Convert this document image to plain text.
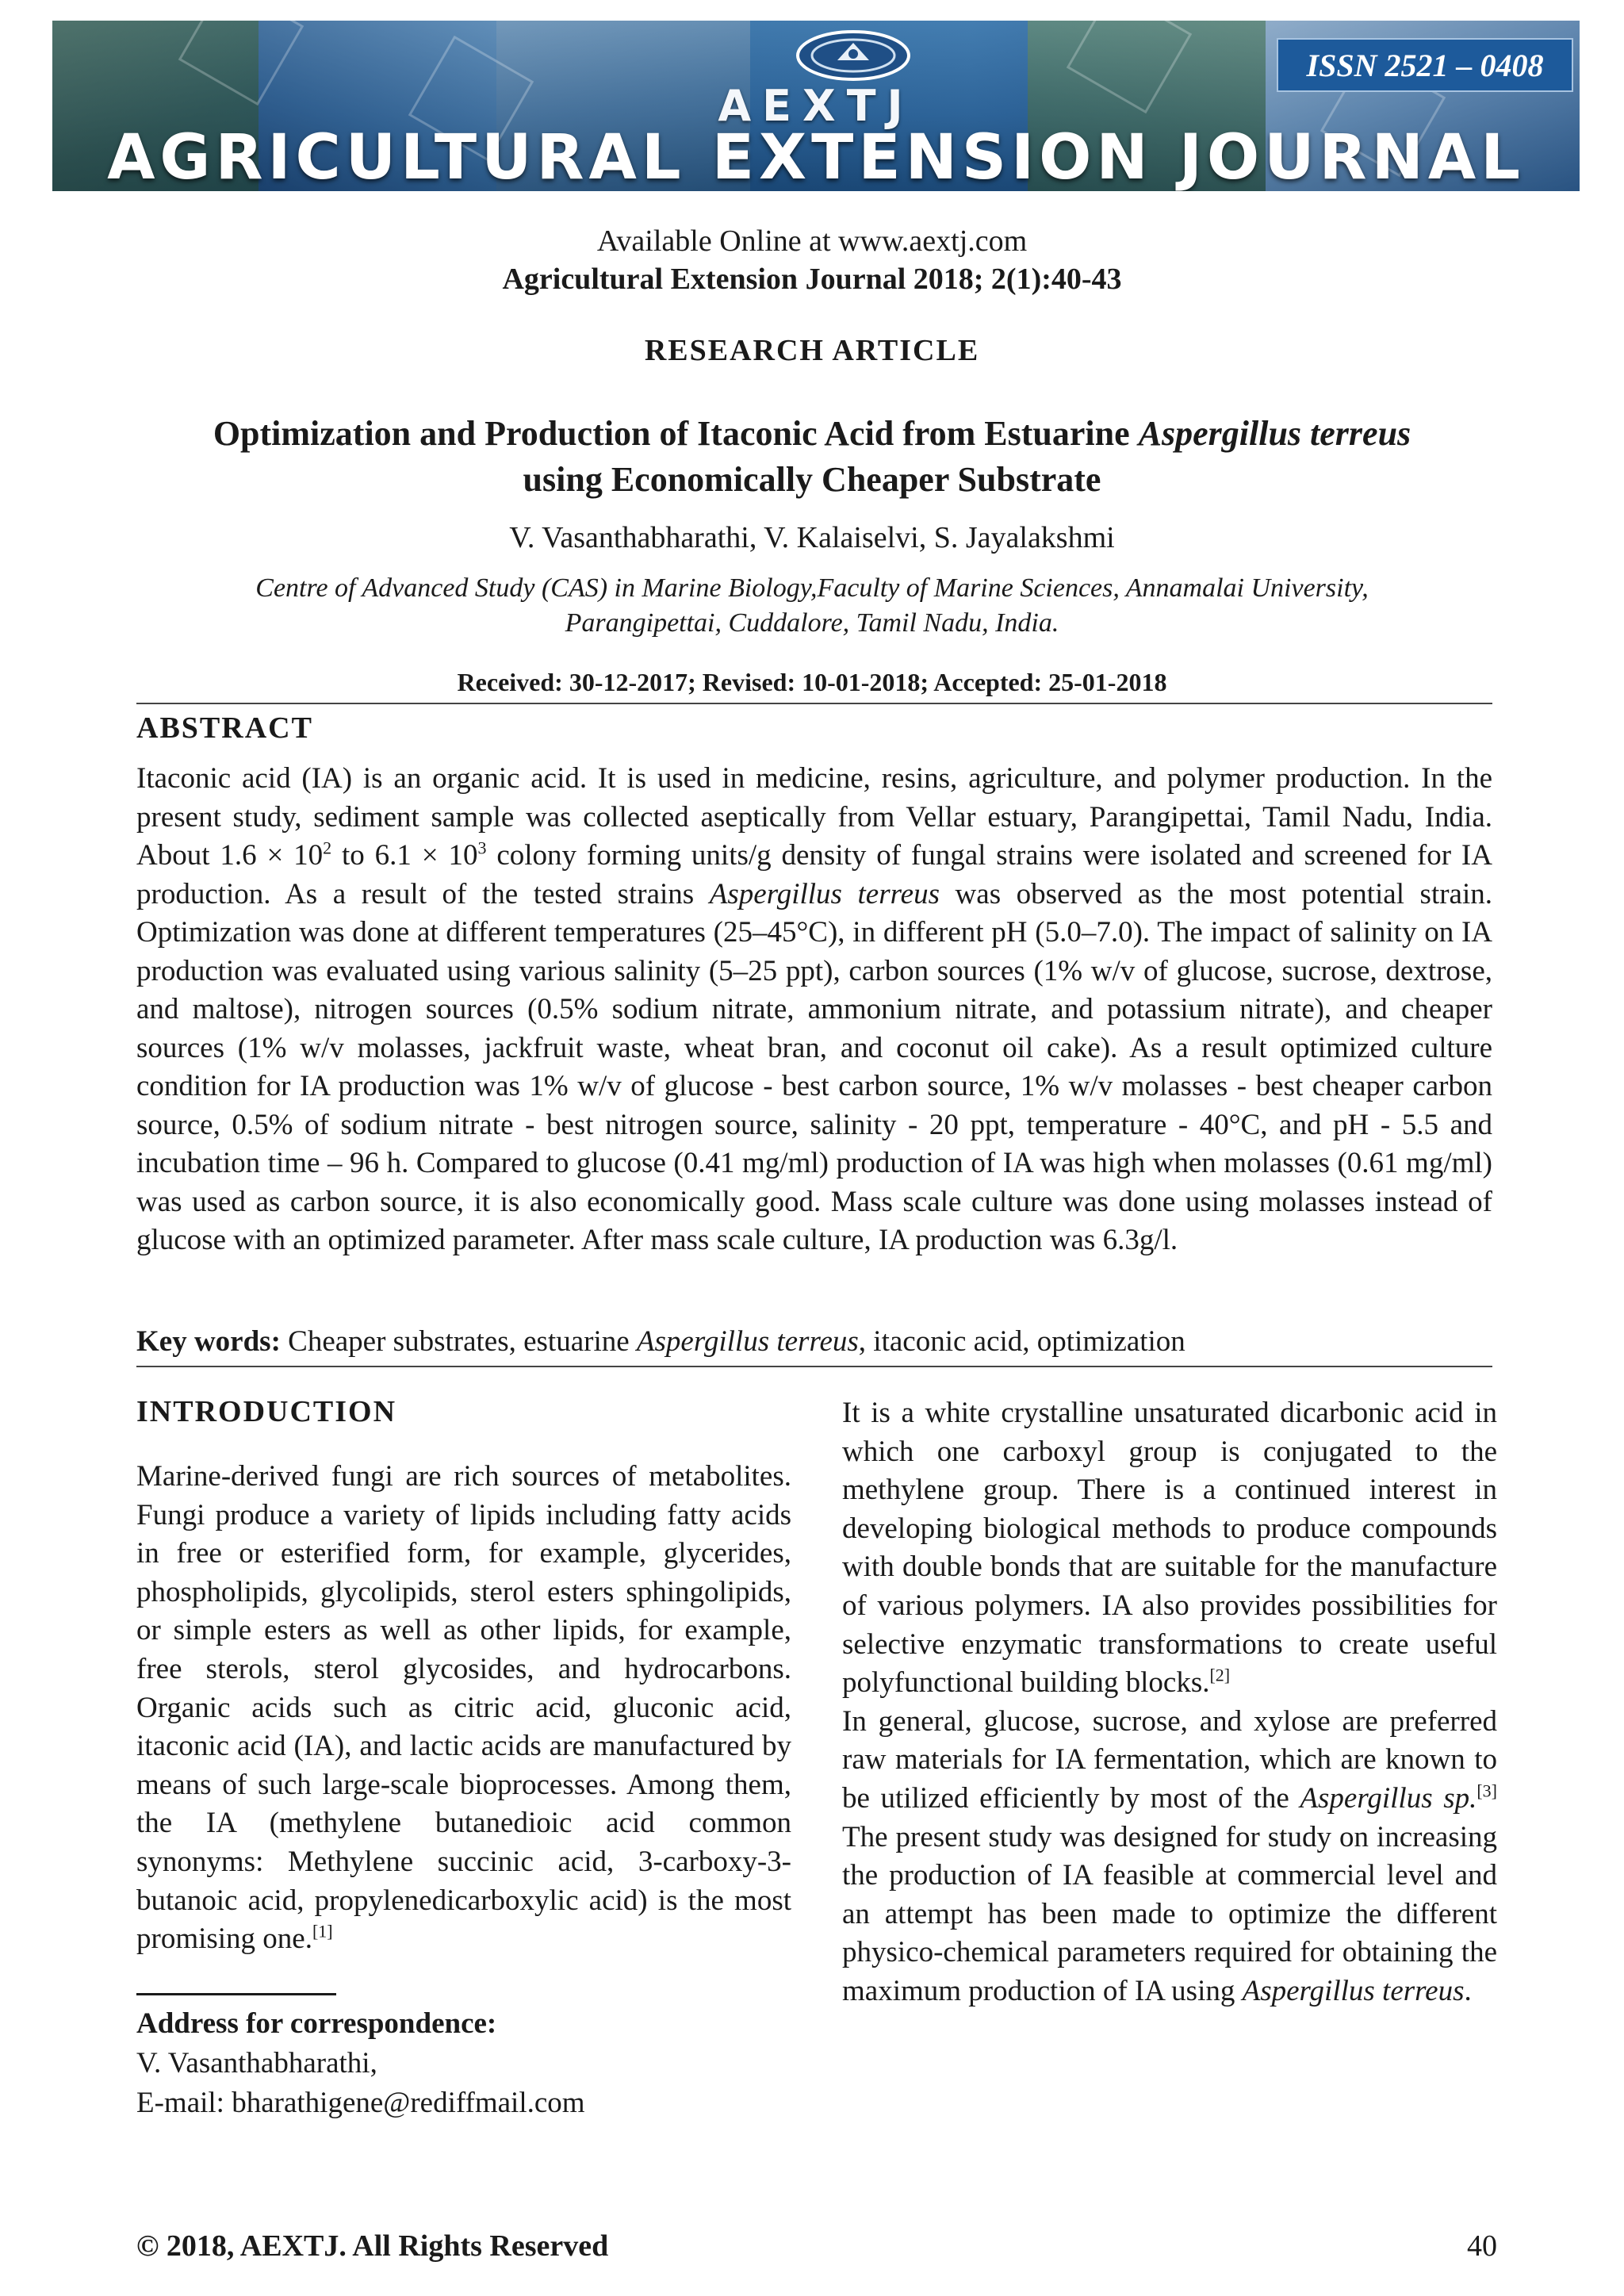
AEXTJ
AGRICULTURAL EXTENSION JOURNAL
ISSN 2521 – 0408
Available Online at www.aextj.com
Agricultural Extension Journal 2018; 2(1):40-43
RESEARCH ARTICLE
Optimization and Production of Itaconic Acid from Estuarine Aspergillus terreus
using Economically Cheaper Substrate
V. Vasanthabharathi, V. Kalaiselvi, S. Jayalakshmi
Centre of Advanced Study (CAS) in Marine Biology,Faculty of Marine Sciences, Annamalai University,
Parangipettai, Cuddalore, Tamil Nadu, India.
Received: 30-12-2017; Revised: 10-01-2018; Accepted: 25-01-2018
ABSTRACT

Itaconic acid (IA) is an organic acid. It is used in medicine, resins, agriculture, and polymer production. In the present study, sediment sample was collected aseptically from Vellar estuary, Parangipettai, Tamil Nadu, India. About $1.6 \times 10^2$ to $6.1 \times 10^3$ colony forming units/g density of fungal strains were isolated and screened for IA production. As a result of the tested strains Aspergillus terreus was observed as the most potential strain. Optimization was done at different temperatures (25–45°C), in different pH (5.0–7.0). The impact of salinity on IA production was evaluated using various salinity (5–25 ppt), carbon sources (1% w/v of glucose, sucrose, dextrose, and maltose), nitrogen sources (0.5% sodium nitrate, ammonium nitrate, and potassium nitrate), and cheaper sources (1% w/v molasses, jackfruit waste, wheat bran, and coconut oil cake). As a result optimized culture condition for IA production was 1% w/v of glucose - best carbon source, 1% w/v molasses - best cheaper carbon source, 0.5% of sodium nitrate - best nitrogen source, salinity - 20 ppt, temperature - 40°C, and pH - 5.5 and incubation time – 96 h. Compared to glucose (0.41 mg/ml) production of IA was high when molasses (0.61 mg/ml) was used as carbon source, it is also economically good. Mass scale culture was done using molasses instead of glucose with an optimized parameter. After mass scale culture, IA production was 6.3g/l.

Key words: Cheaper substrates, estuarine Aspergillus terreus, itaconic acid, optimization
INTRODUCTION

Marine-derived fungi are rich sources of metabolites. Fungi produce a variety of lipids including fatty acids in free or esterified form, for example, glycerides, phospholipids, glycolipids, sterol esters sphingolipids, or simple esters as well as other lipids, for example, free sterols, sterol glycosides, and hydrocarbons. Organic acids such as citric acid, gluconic acid, itaconic acid (IA), and lactic acids are manufactured by means of such large-scale bioprocesses. Among them, the IA (methylene butanedioic acid common synonyms: Methylene succinic acid, 3-carboxy-3-butanoic acid, propylenedicarboxylic acid) is the most promising one.[1]

It is a white crystalline unsaturated dicarbonic acid in which one carboxyl group is conjugated to the methylene group. There is a continued interest in developing biological methods to produce compounds with double bonds that are suitable for the manufacture of various polymers. IA also provides possibilities for selective enzymatic transformations to create useful polyfunctional building blocks.[2]

In general, glucose, sucrose, and xylose are preferred raw materials for IA fermentation, which are known to be utilized efficiently by most of the Aspergillus sp.[3] The present study was designed for study on increasing the production of IA feasible at commercial level and an attempt has been made to optimize the different physico-chemical parameters required for obtaining the maximum production of IA using Aspergillus terreus.

Address for correspondence:
V. Vasanthabharathi,
E-mail: bharathigene@rediffmail.com
© 2018, AEXTJ. All Rights Reserved	40
